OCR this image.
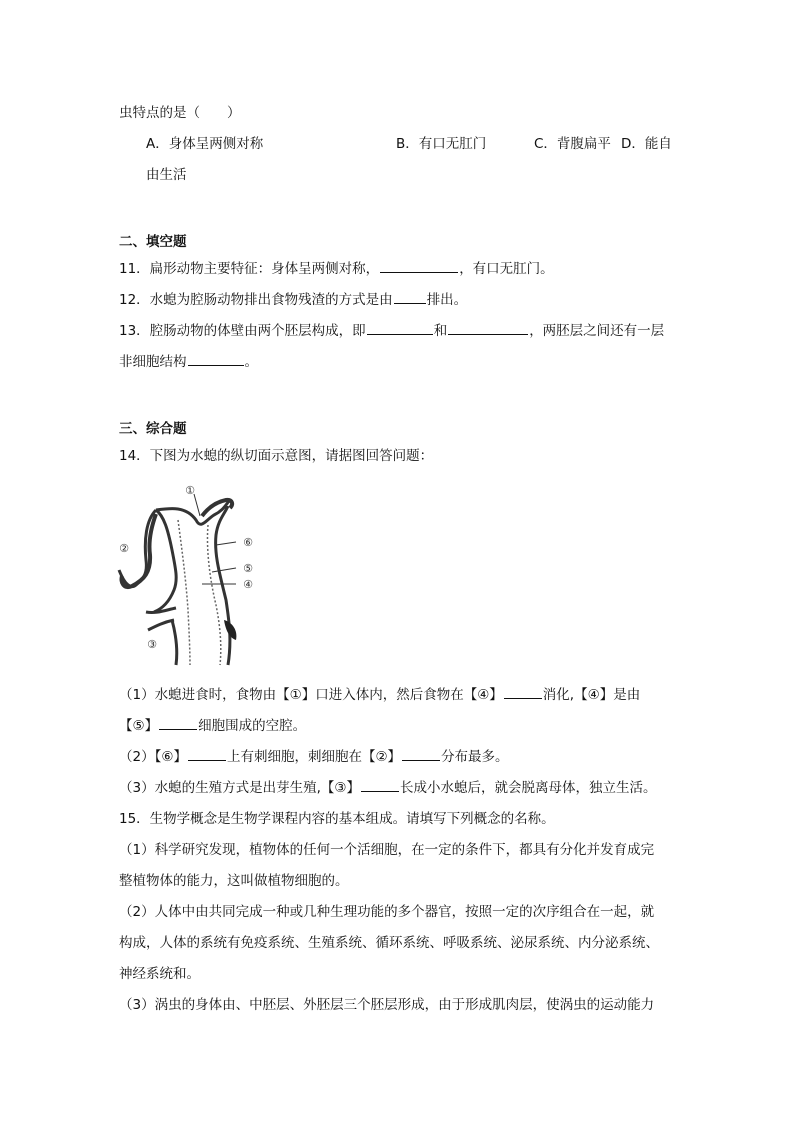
虫特点的是（　　）
A．身体呈两侧对称	B．有口无肛门	C．背腹扁平 D．能自
由生活
二、填空题
11．扁形动物主要特征：身体呈两侧对称，	，有口无肛门。
12．水螅为腔肠动物排出食物残渣的方式是由	排出。
13．腔肠动物的体壁由两个胚层构成，即	和	，两胚层之间还有一层
非细胞结构	。
三、综合题
14．下图为水螅的纵切面示意图，请据图回答问题：
①
②
③
④
⑤
⑥
（1）水螅进食时，食物由【①】口进入体内，然后食物在【④】	消化,【④】是由
【⑤】	细胞围成的空腔。
（2）【⑥】	上有刺细胞，刺细胞在【②】	分布最多。
（3）水螅的生殖方式是出芽生殖,【③】	长成小水螅后，就会脱离母体，独立生活。
15．生物学概念是生物学课程内容的基本组成。请填写下列概念的名称。
（1）科学研究发现，植物体的任何一个活细胞，在一定的条件下，都具有分化并发育成完
整植物体的能力，这叫做植物细胞的。
（2）人体中由共同完成一种或几种生理功能的多个器官，按照一定的次序组合在一起，就
构成，人体的系统有免疫系统、生殖系统、循环系统、呼吸系统、泌尿系统、内分泌系统、
神经系统和。
（3）涡虫的身体由、中胚层、外胚层三个胚层形成，由于形成肌肉层，使涡虫的运动能力
